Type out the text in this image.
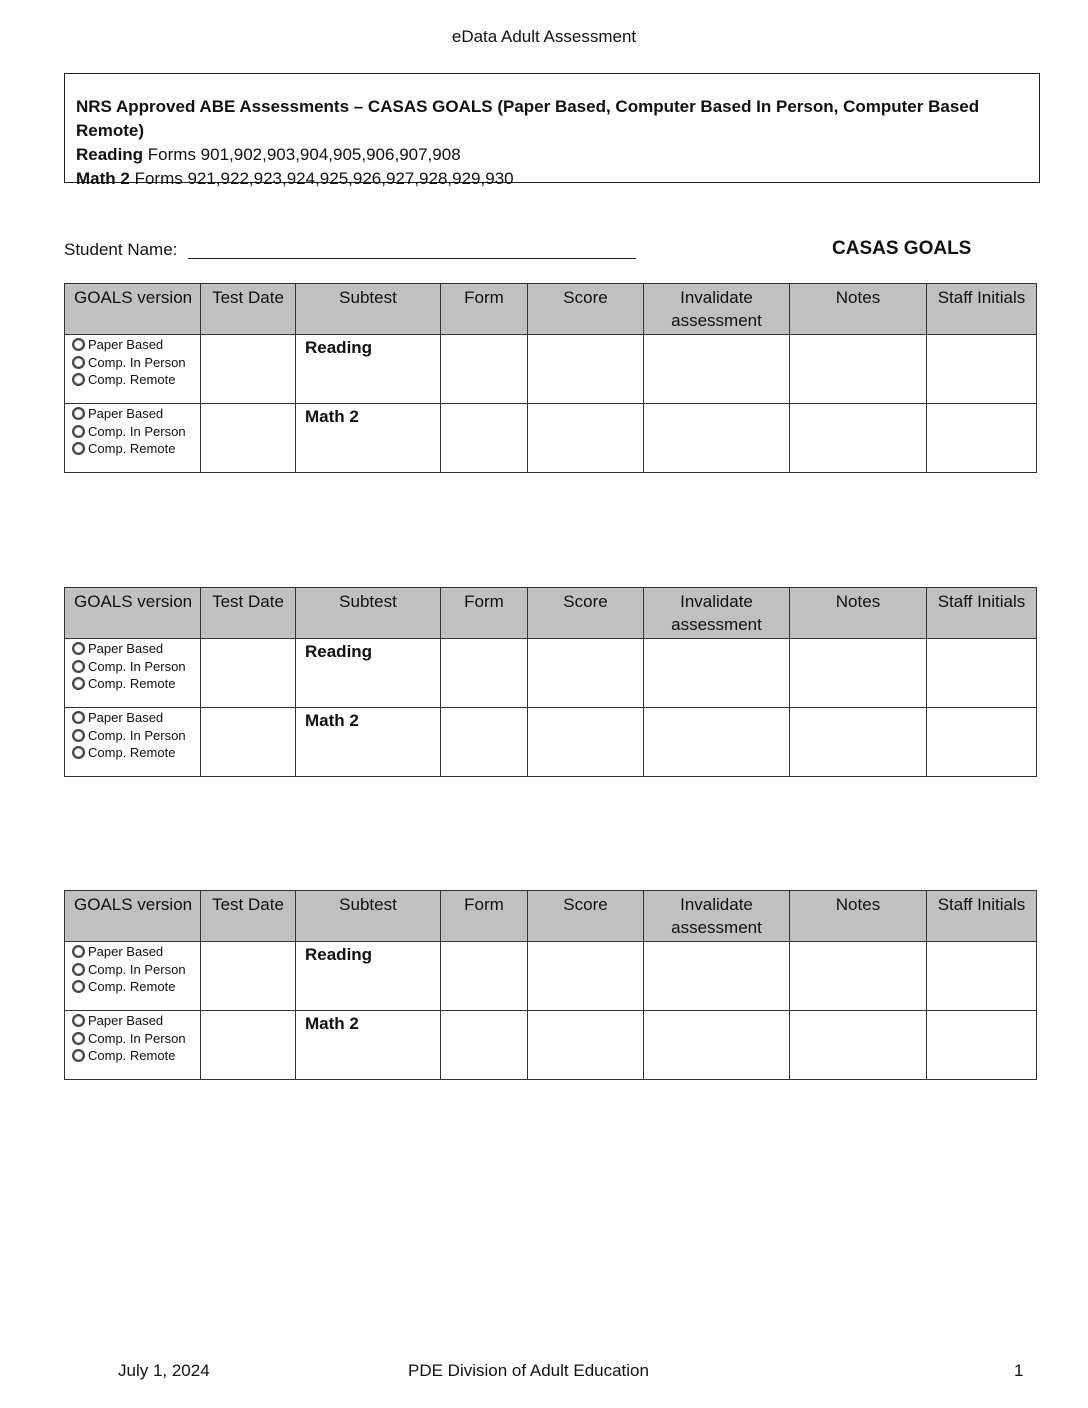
eData Adult Assessment
NRS Approved ABE Assessments – CASAS GOALS (Paper Based, Computer Based In Person, Computer Based Remote)
Reading Forms 901,902,903,904,905,906,907,908
Math 2 Forms 921,922,923,924,925,926,927,928,929,930
Student Name:	CASAS GOALS
GOALS version	Test Date	Subtest	Form	Score	Invalidate assessment	Notes	Staff Initials

Paper Based
Comp. In Person
Comp. Remote		Reading					

Paper Based
Comp. In Person
Comp. Remote		Math 2					

GOALS version	Test Date	Subtest	Form	Score	Invalidate assessment	Notes	Staff Initials

Paper Based
Comp. In Person
Comp. Remote		Reading					

Paper Based
Comp. In Person
Comp. Remote		Math 2					

GOALS version	Test Date	Subtest	Form	Score	Invalidate assessment	Notes	Staff Initials

Paper Based
Comp. In Person
Comp. Remote		Reading					

Paper Based
Comp. In Person
Comp. Remote		Math 2					

July 1, 2024	PDE Division of Adult Education	1
